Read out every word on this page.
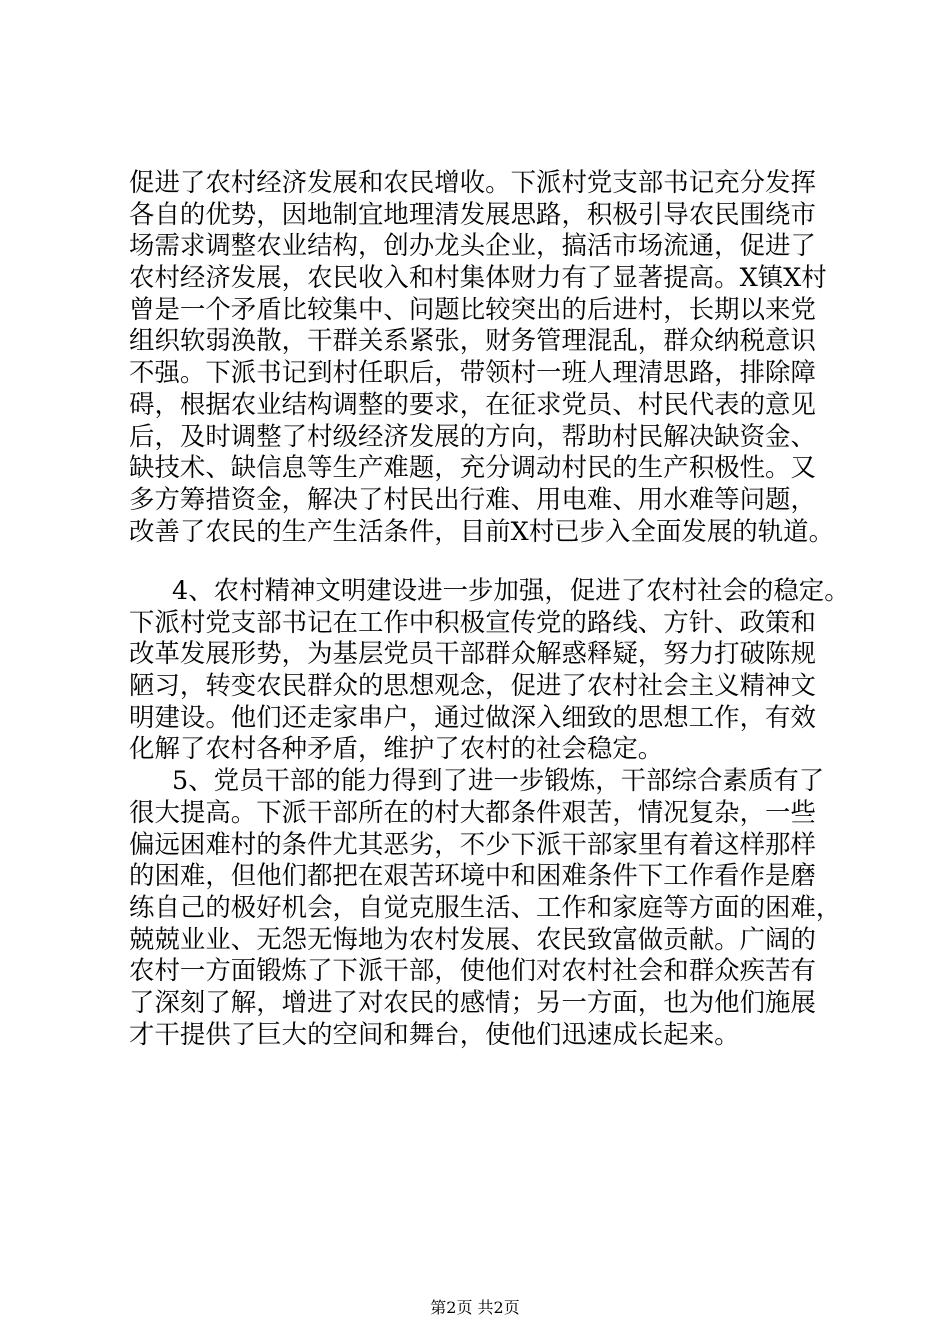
促进了农村经济发展和农民增收。下派村党支部书记充分发挥
各自的优势，因地制宜地理清发展思路，积极引导农民围绕市
场需求调整农业结构，创办龙头企业，搞活市场流通，促进了
农村经济发展，农民收入和村集体财力有了显著提高。X镇X村
曾是一个矛盾比较集中、问题比较突出的后进村，长期以来党
组织软弱涣散，干群关系紧张，财务管理混乱，群众纳税意识
不强。下派书记到村任职后，带领村一班人理清思路，排除障
碍，根据农业结构调整的要求，在征求党员、村民代表的意见
后，及时调整了村级经济发展的方向，帮助村民解决缺资金、
缺技术、缺信息等生产难题，充分调动村民的生产积极性。又
多方筹措资金，解决了村民出行难、用电难、用水难等问题，
改善了农民的生产生活条件，目前X村已步入全面发展的轨道。
4、农村精神文明建设进一步加强，促进了农村社会的稳定。
下派村党支部书记在工作中积极宣传党的路线、方针、政策和
改革发展形势，为基层党员干部群众解惑释疑，努力打破陈规
陋习，转变农民群众的思想观念，促进了农村社会主义精神文
明建设。他们还走家串户，通过做深入细致的思想工作，有效
化解了农村各种矛盾，维护了农村的社会稳定。
5、党员干部的能力得到了进一步锻炼，干部综合素质有了
很大提高。下派干部所在的村大都条件艰苦，情况复杂，一些
偏远困难村的条件尤其恶劣，不少下派干部家里有着这样那样
的困难，但他们都把在艰苦环境中和困难条件下工作看作是磨
练自己的极好机会，自觉克服生活、工作和家庭等方面的困难，
兢兢业业、无怨无悔地为农村发展、农民致富做贡献。广阔的
农村一方面锻炼了下派干部，使他们对农村社会和群众疾苦有
了深刻了解，增进了对农民的感情；另一方面，也为他们施展
才干提供了巨大的空间和舞台，使他们迅速成长起来。
第2页 共2页
